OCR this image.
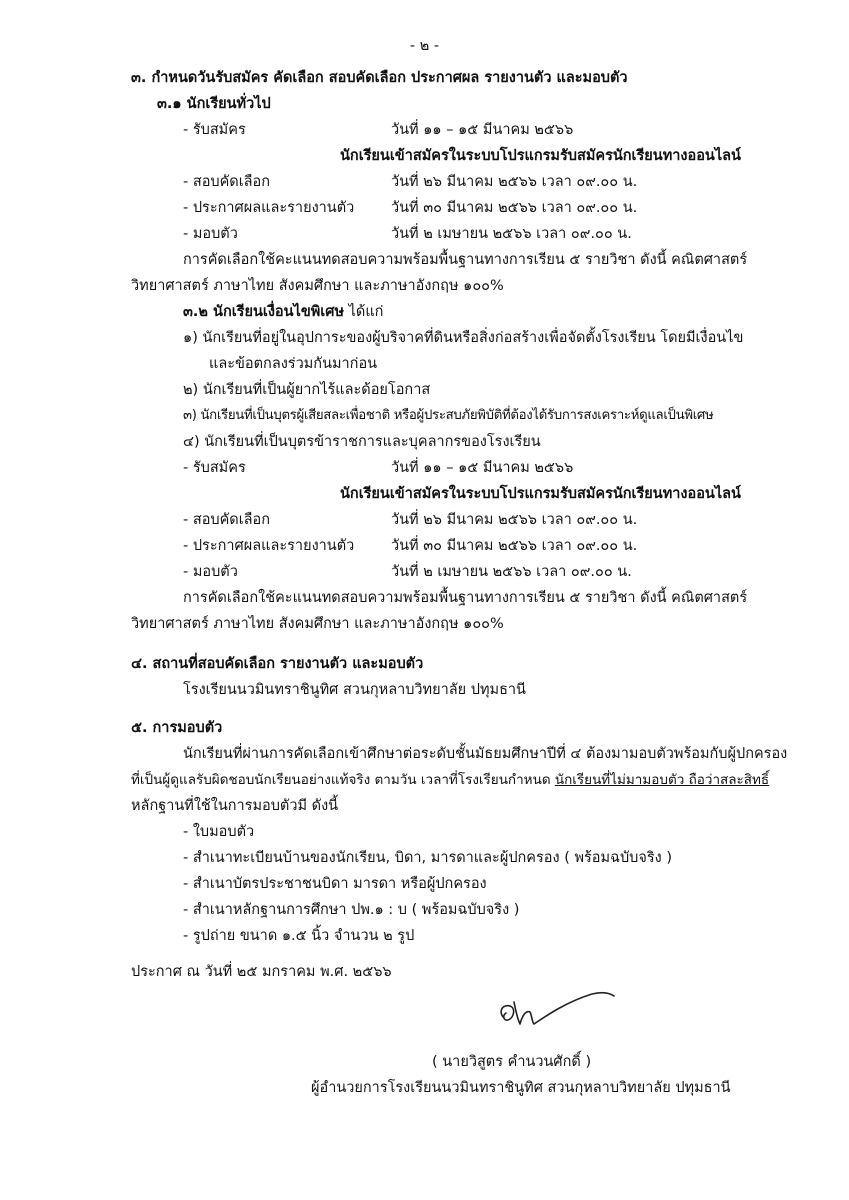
- ๒ -
๓. กำหนดวันรับสมัคร คัดเลือก สอบคัดเลือก ประกาศผล รายงานตัว และมอบตัว
๓.๑ นักเรียนทั่วไป
- รับสมัคร	วันที่ ๑๑ – ๑๕ มีนาคม ๒๕๖๖
นักเรียนเข้าสมัครในระบบโปรแกรมรับสมัครนักเรียนทางออนไลน์
- สอบคัดเลือก	วันที่ ๒๖ มีนาคม ๒๕๖๖ เวลา ๐๙.๐๐ น.
- ประกาศผลและรายงานตัว	วันที่ ๓๐ มีนาคม ๒๕๖๖ เวลา ๐๙.๐๐ น.
- มอบตัว	วันที่ ๒ เมษายน ๒๕๖๖ เวลา ๐๙.๐๐ น.
การคัดเลือกใช้คะแนนทดสอบความพร้อมพื้นฐานทางการเรียน ๕ รายวิชา ดังนี้ คณิตศาสตร์
วิทยาศาสตร์ ภาษาไทย สังคมศึกษา และภาษาอังกฤษ ๑๐๐%
๓.๒ นักเรียนเงื่อนไขพิเศษ ได้แก่
๑) นักเรียนที่อยู่ในอุปการะของผู้บริจาคที่ดินหรือสิ่งก่อสร้างเพื่อจัดตั้งโรงเรียน โดยมีเงื่อนไข
และข้อตกลงร่วมกันมาก่อน
๒) นักเรียนที่เป็นผู้ยากไร้และด้อยโอกาส
๓) นักเรียนที่เป็นบุตรผู้เสียสละเพื่อชาติ หรือผู้ประสบภัยพิบัติที่ต้องได้รับการสงเคราะห์ดูแลเป็นพิเศษ
๔) นักเรียนที่เป็นบุตรข้าราชการและบุคลากรของโรงเรียน
- รับสมัคร	วันที่ ๑๑ – ๑๕ มีนาคม ๒๕๖๖
นักเรียนเข้าสมัครในระบบโปรแกรมรับสมัครนักเรียนทางออนไลน์
- สอบคัดเลือก	วันที่ ๒๖ มีนาคม ๒๕๖๖ เวลา ๐๙.๐๐ น.
- ประกาศผลและรายงานตัว	วันที่ ๓๐ มีนาคม ๒๕๖๖ เวลา ๐๙.๐๐ น.
- มอบตัว	วันที่ ๒ เมษายน ๒๕๖๖ เวลา ๐๙.๐๐ น.
การคัดเลือกใช้คะแนนทดสอบความพร้อมพื้นฐานทางการเรียน ๕ รายวิชา ดังนี้ คณิตศาสตร์
วิทยาศาสตร์ ภาษาไทย สังคมศึกษา และภาษาอังกฤษ ๑๐๐%
๔. สถานที่สอบคัดเลือก รายงานตัว และมอบตัว
โรงเรียนนวมินทราชินูทิศ สวนกุหลาบวิทยาลัย ปทุมธานี
๕. การมอบตัว
นักเรียนที่ผ่านการคัดเลือกเข้าศึกษาต่อระดับชั้นมัธยมศึกษาปีที่ ๔ ต้องมามอบตัวพร้อมกับผู้ปกครอง
ที่เป็นผู้ดูแลรับผิดชอบนักเรียนอย่างแท้จริง ตามวัน เวลาที่โรงเรียนกำหนด นักเรียนที่ไม่มามอบตัว ถือว่าสละสิทธิ์
หลักฐานที่ใช้ในการมอบตัวมี ดังนี้
- ใบมอบตัว
- สำเนาทะเบียนบ้านของนักเรียน, บิดา, มารดาและผู้ปกครอง ( พร้อมฉบับจริง )
- สำเนาบัตรประชาชนบิดา มารดา หรือผู้ปกครอง
- สำเนาหลักฐานการศึกษา ปพ.๑ : บ ( พร้อมฉบับจริง )
- รูปถ่าย ขนาด ๑.๕ นิ้ว จำนวน ๒ รูป
ประกาศ ณ วันที่ ๒๕ มกราคม พ.ศ. ๒๕๖๖
( นายวิสูตร คำนวนศักดิ์ )
ผู้อำนวยการโรงเรียนนวมินทราชินูทิศ สวนกุหลาบวิทยาลัย ปทุมธานี
